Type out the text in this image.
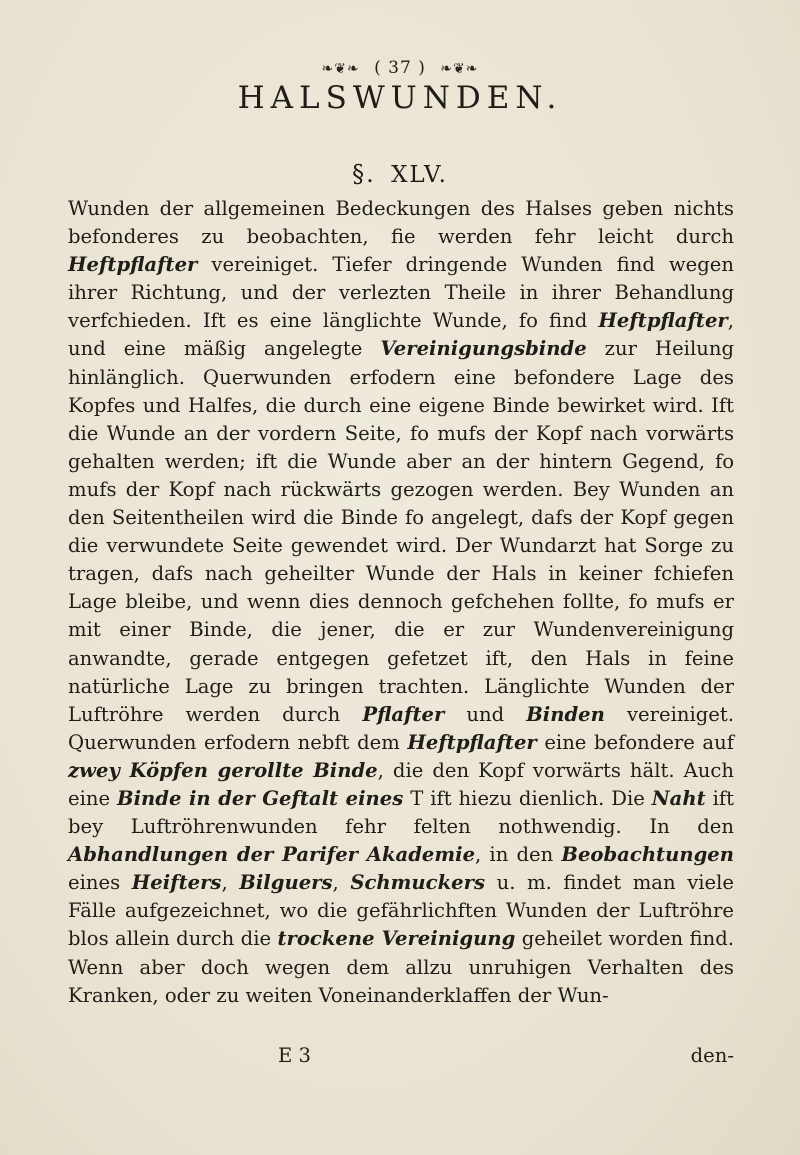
❧❦❧ ( 37 ) ❧❦❧
HALSWUNDEN.
§. XLV.

Wunden der allgemeinen Bedeckungen des Halses geben nichts befonderes zu beobachten, fie werden fehr leicht durch Heftpflafter vereiniget. Tiefer dringende Wunden find wegen ihrer Richtung, und der verlezten Theile in ihrer Behandlung verfchieden. Ift es eine länglichte Wunde, fo find Heftpflafter, und eine mäßig angelegte Vereinigungsbinde zur Heilung hinlänglich. Querwunden erfodern eine befondere Lage des Kopfes und Halfes, die durch eine eigene Binde bewirket wird. Ift die Wunde an der vordern Seite, fo mufs der Kopf nach vorwärts gehalten werden; ift die Wunde aber an der hintern Gegend, fo mufs der Kopf nach rückwärts gezogen werden. Bey Wunden an den Seitentheilen wird die Binde fo angelegt, dafs der Kopf gegen die verwundete Seite gewendet wird. Der Wundarzt hat Sorge zu tragen, dafs nach geheilter Wunde der Hals in keiner fchiefen Lage bleibe, und wenn dies dennoch gefchehen follte, fo mufs er mit einer Binde, die jener, die er zur Wundenvereinigung anwandte, gerade entgegen gefetzet ift, den Hals in feine natürliche Lage zu bringen trachten. Länglichte Wunden der Luftröhre werden durch Pflafter und Binden vereiniget. Querwunden erfodern nebft dem Heftpflafter eine befondere auf zwey Köpfen gerollte Binde, die den Kopf vorwärts hält. Auch eine Binde in der Geftalt eines T ift hiezu dienlich. Die Naht ift bey Luftröhrenwunden fehr felten nothwendig. In den Abhandlungen der Parifer Akademie, in den Beobachtungen eines Heifters, Bilguers, Schmuckers u. m. findet man viele Fälle aufgezeichnet, wo die gefährlichften Wunden der Luftröhre blos allein durch die trockene Vereinigung geheilet worden find. Wenn aber doch wegen dem allzu unruhigen Verhalten des Kranken, oder zu weiten Voneinanderklaffen der Wun-

E 3	den-
